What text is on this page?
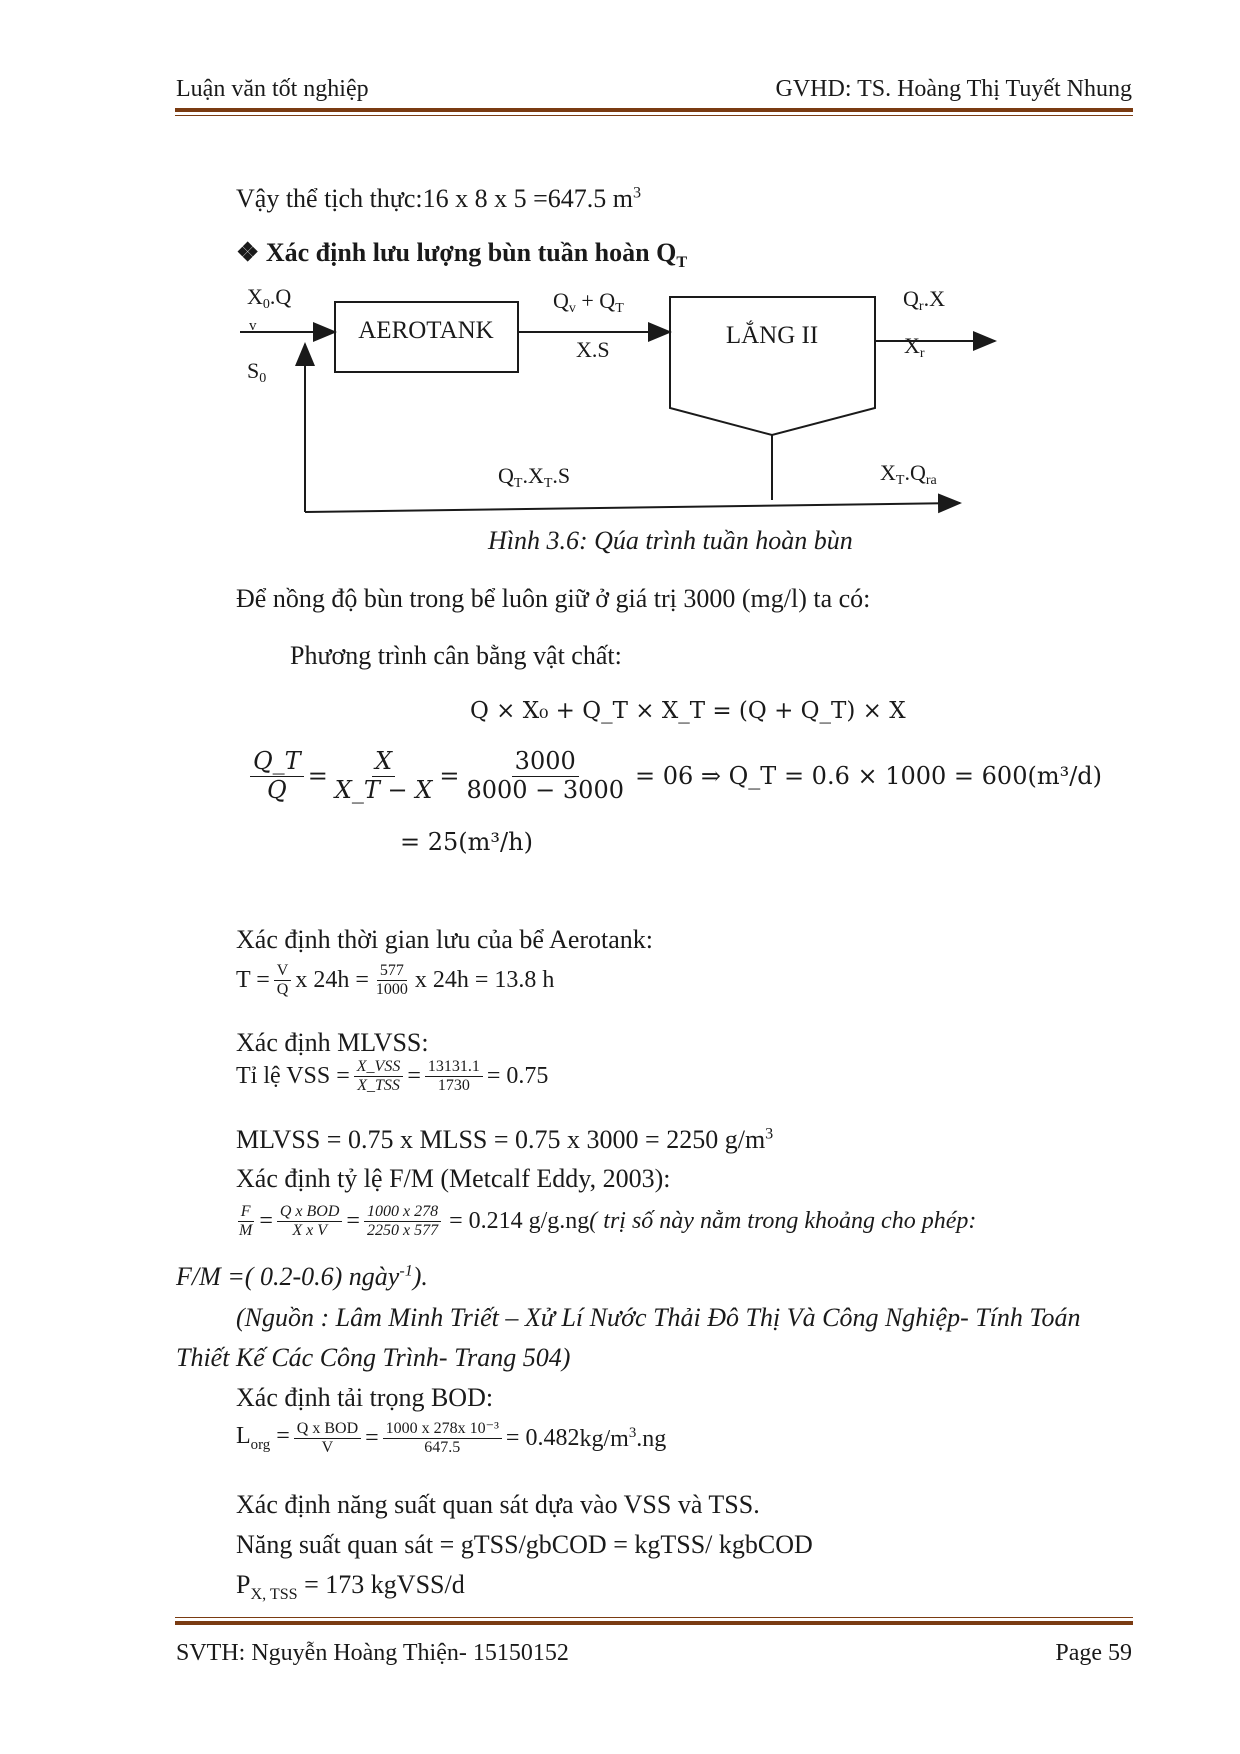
Luận văn tốt nghiệp	GVHD: TS. Hoàng Thị Tuyết Nhung
Vậy thể tịch thực:16 x 8 x 5 =647.5 $m^3$
❖ Xác định lưu lượng bùn tuần hoàn $Q_T$
AEROTANK	LẮNG II
X0.Q
v
S0
Qv + QT
X.S
Qr.X
Xr
QT.XT.S	XT.Qra
Hình 3.6: Qúa trình tuần hoàn bùn
Để nồng độ bùn trong bể luôn giữ ở giá trị 3000 (mg/l) ta có:
Phương trình cân bằng vật chất:
Q × X₀ + Q_T × X_T = (Q + Q_T) × X
$\frac{Q\_T}{Q} = \frac{X}{X\_T - X} = \frac{3000}{8000 - 3000} = 06$ ⇒ Q_T = 0.6 × 1000 = 600(m³/d)
= 25(m³/h)
Xác định thời gian lưu của bể Aerotank:
$T = \frac{V}{Q}$ x $24h = \frac{577}{1000}$ x 24h = 13.8 h
Xác định MLVSS:
Tỉ lệ VSS = $\frac{\text{X\_VSS}}{\text{X\_TSS}} = \frac{13131.1}{1730} = 0.75$
MLVSS = 0.75 x MLSS = 0.75 x 3000 = 2250 $g/m^3$
Xác định tỷ lệ F/M (Metcalf Eddy, 2003):
$\frac{F}{M} = \frac{\text{Q x BOD}}{\text{X x V}} = \frac{1000 x 278}{2250 x 577} = 0.214$ g/g.ng ( trị số này nằm trong khoảng cho phép:
F/M =( 0.2-0.6) ngày$^{-1}$).
(Nguồn : Lâm Minh Triết – Xử Lí Nước Thải Đô Thị Và Công Nghiệp- Tính Toán
Thiết Kế Các Công Trình- Trang 504)
Xác định tải trọng BOD:
$L_{org} = \frac{\text{Q x BOD}}{V} = \frac{\text{1000 x 278x 10⁻³}}{647.5} = 0.482$ $kg/m^3.ng$
Xác định năng suất quan sát dựa vào VSS và TSS.
Năng suất quan sát = gTSS/gbCOD = kgTSS/ kgbCOD
$P_{X, TSS} = 173$ kgVSS/d
SVTH: Nguyễn Hoàng Thiện- 15150152	Page 59
